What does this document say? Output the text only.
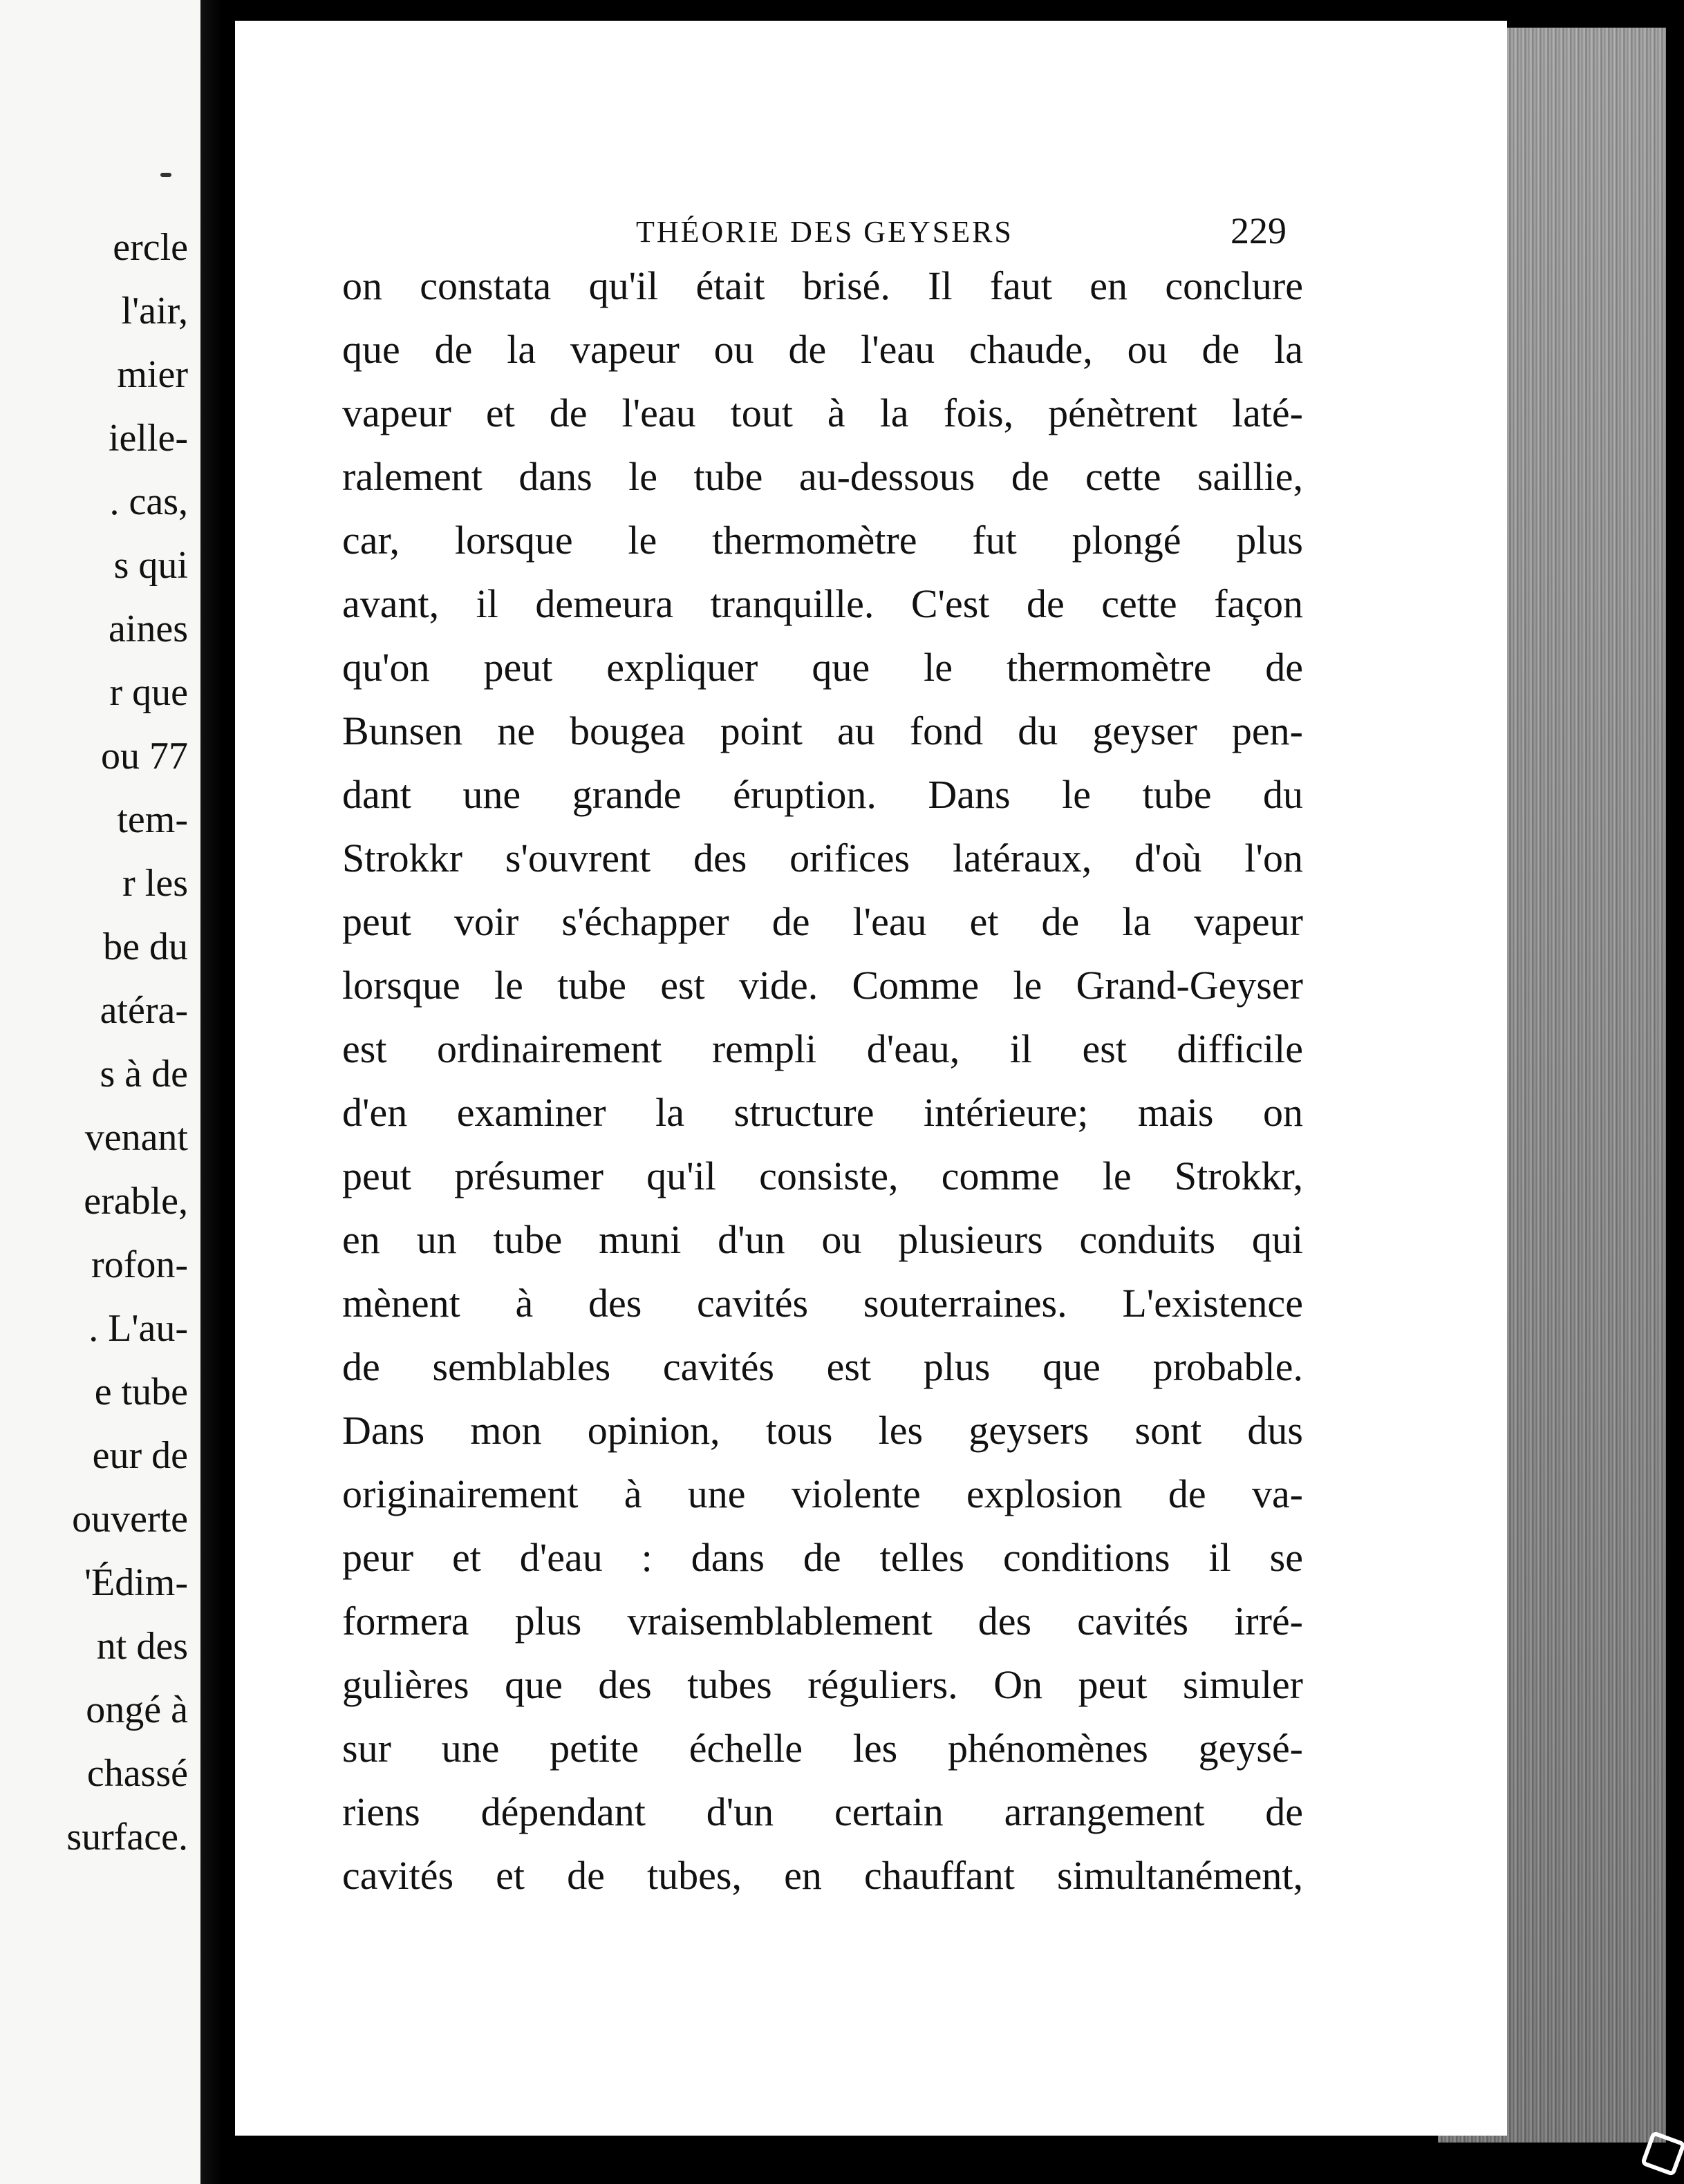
ercle
l'air,
mier
ielle-
. cas,
s qui
aines
r que
ou 77
tem-
r les
be du
atéra-
s à de
venant
erable,
rofon-
. L'au-
e tube
eur de
ouverte
'Édim-
nt des
ongé à
chassé
surface.
THÉORIE DES GEYSERS	229
on constata qu'il était brisé. Il faut en conclure
que de la vapeur ou de l'eau chaude, ou de la
vapeur et de l'eau tout à la fois, pénètrent laté-
ralement dans le tube au-dessous de cette saillie,
car, lorsque le thermomètre fut plongé plus
avant, il demeura tranquille. C'est de cette façon
qu'on peut expliquer que le thermomètre de
Bunsen ne bougea point au fond du geyser pen-
dant une grande éruption. Dans le tube du
Strokkr s'ouvrent des orifices latéraux, d'où l'on
peut voir s'échapper de l'eau et de la vapeur
lorsque le tube est vide. Comme le Grand-Geyser
est ordinairement rempli d'eau, il est difficile
d'en examiner la structure intérieure; mais on
peut présumer qu'il consiste, comme le Strokkr,
en un tube muni d'un ou plusieurs conduits qui
mènent à des cavités souterraines. L'existence
de semblables cavités est plus que probable.
Dans mon opinion, tous les geysers sont dus
originairement à une violente explosion de va-
peur et d'eau : dans de telles conditions il se
formera plus vraisemblablement des cavités irré-
gulières que des tubes réguliers. On peut simuler
sur une petite échelle les phénomènes geysé-
riens dépendant d'un certain arrangement de
cavités et de tubes, en chauffant simultanément,
